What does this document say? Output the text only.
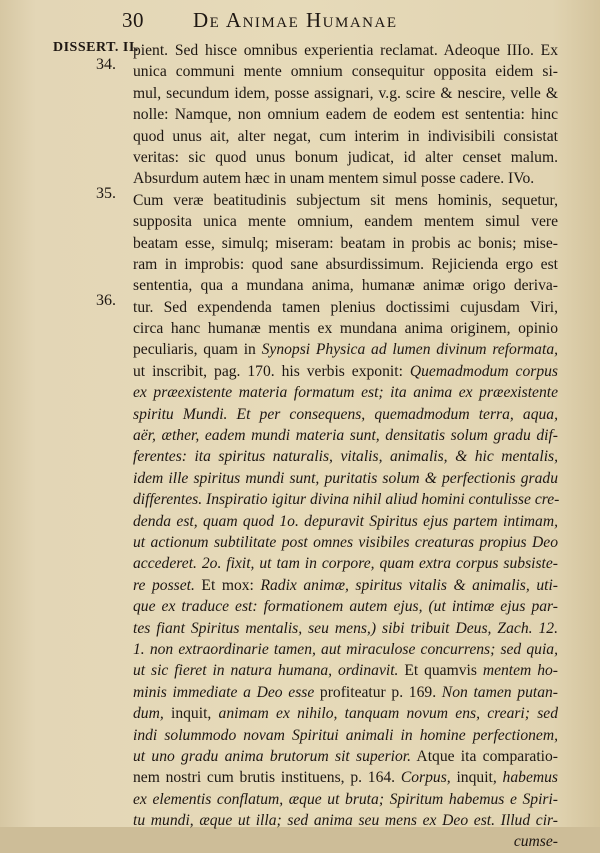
30 De Animae Humanae
DISSERT. II.
34.
35.
36.
pient. Sed hisce omnibus experientia reclamat. Adeoque IIIo. Ex
unica communi mente omnium consequitur opposita eidem si-
mul, secundum idem, posse assignari, v.g. scire & nescire, velle &
nolle: Namque, non omnium eadem de eodem est sententia: hinc
quod unus ait, alter negat, cum interim in indivisibili consistat
veritas: sic quod unus bonum judicat, id alter censet malum.
Absurdum autem hæc in unam mentem simul posse cadere. IVo.
Cum veræ beatitudinis subjectum sit mens hominis, sequetur,
supposita unica mente omnium, eandem mentem simul vere
beatam esse, simulq; miseram: beatam in probis ac bonis; mise-
ram in improbis: quod sane absurdissimum. Rejicienda ergo est
sententia, qua a mundana anima, humanæ animæ origo deriva-
tur. Sed expendenda tamen plenius doctissimi cujusdam Viri,
circa hanc humanæ mentis ex mundana anima originem, opinio
peculiaris, quam in Synopsi Physica ad lumen divinum reformata,
ut inscribit, pag. 170. his verbis exponit: Quemadmodum corpus
ex præexistente materia formatum est; ita anima ex præexistente
spiritu Mundi. Et per consequens, quemadmodum terra, aqua,
aër, æther, eadem mundi materia sunt, densitatis solum gradu dif-
ferentes: ita spiritus naturalis, vitalis, animalis, & hic mentalis,
idem ille spiritus mundi sunt, puritatis solum & perfectionis gradu
differentes. Inspiratio igitur divina nihil aliud homini contulisse cre-
denda est, quam quod 1o. depuravit Spiritus ejus partem intimam,
ut actionum subtilitate post omnes visibiles creaturas propius Deo
accederet. 2o. fixit, ut tam in corpore, quam extra corpus subsiste-
re posset. Et mox: Radix animæ, spiritus vitalis & animalis, uti-
que ex traduce est: formationem autem ejus, (ut intimæ ejus par-
tes fiant Spiritus mentalis, seu mens,) sibi tribuit Deus, Zach. 12.
1. non extraordinarie tamen, aut miraculose concurrens; sed quia,
ut sic fieret in natura humana, ordinavit. Et quamvis mentem ho-
minis immediate a Deo esse profiteatur p. 169. Non tamen putan-
dum, inquit, animam ex nihilo, tanquam novum ens, creari; sed
indi solummodo novam Spiritui animali in homine perfectionem,
ut uno gradu anima brutorum sit superior. Atque ita comparatio-
nem nostri cum brutis instituens, p. 164. Corpus, inquit, habemus
ex elementis conflatum, æque ut bruta; Spiritum habemus e Spiri-
tu mundi, æque ut illa; sed anima seu mens ex Deo est. Illud cir-
cumse-
